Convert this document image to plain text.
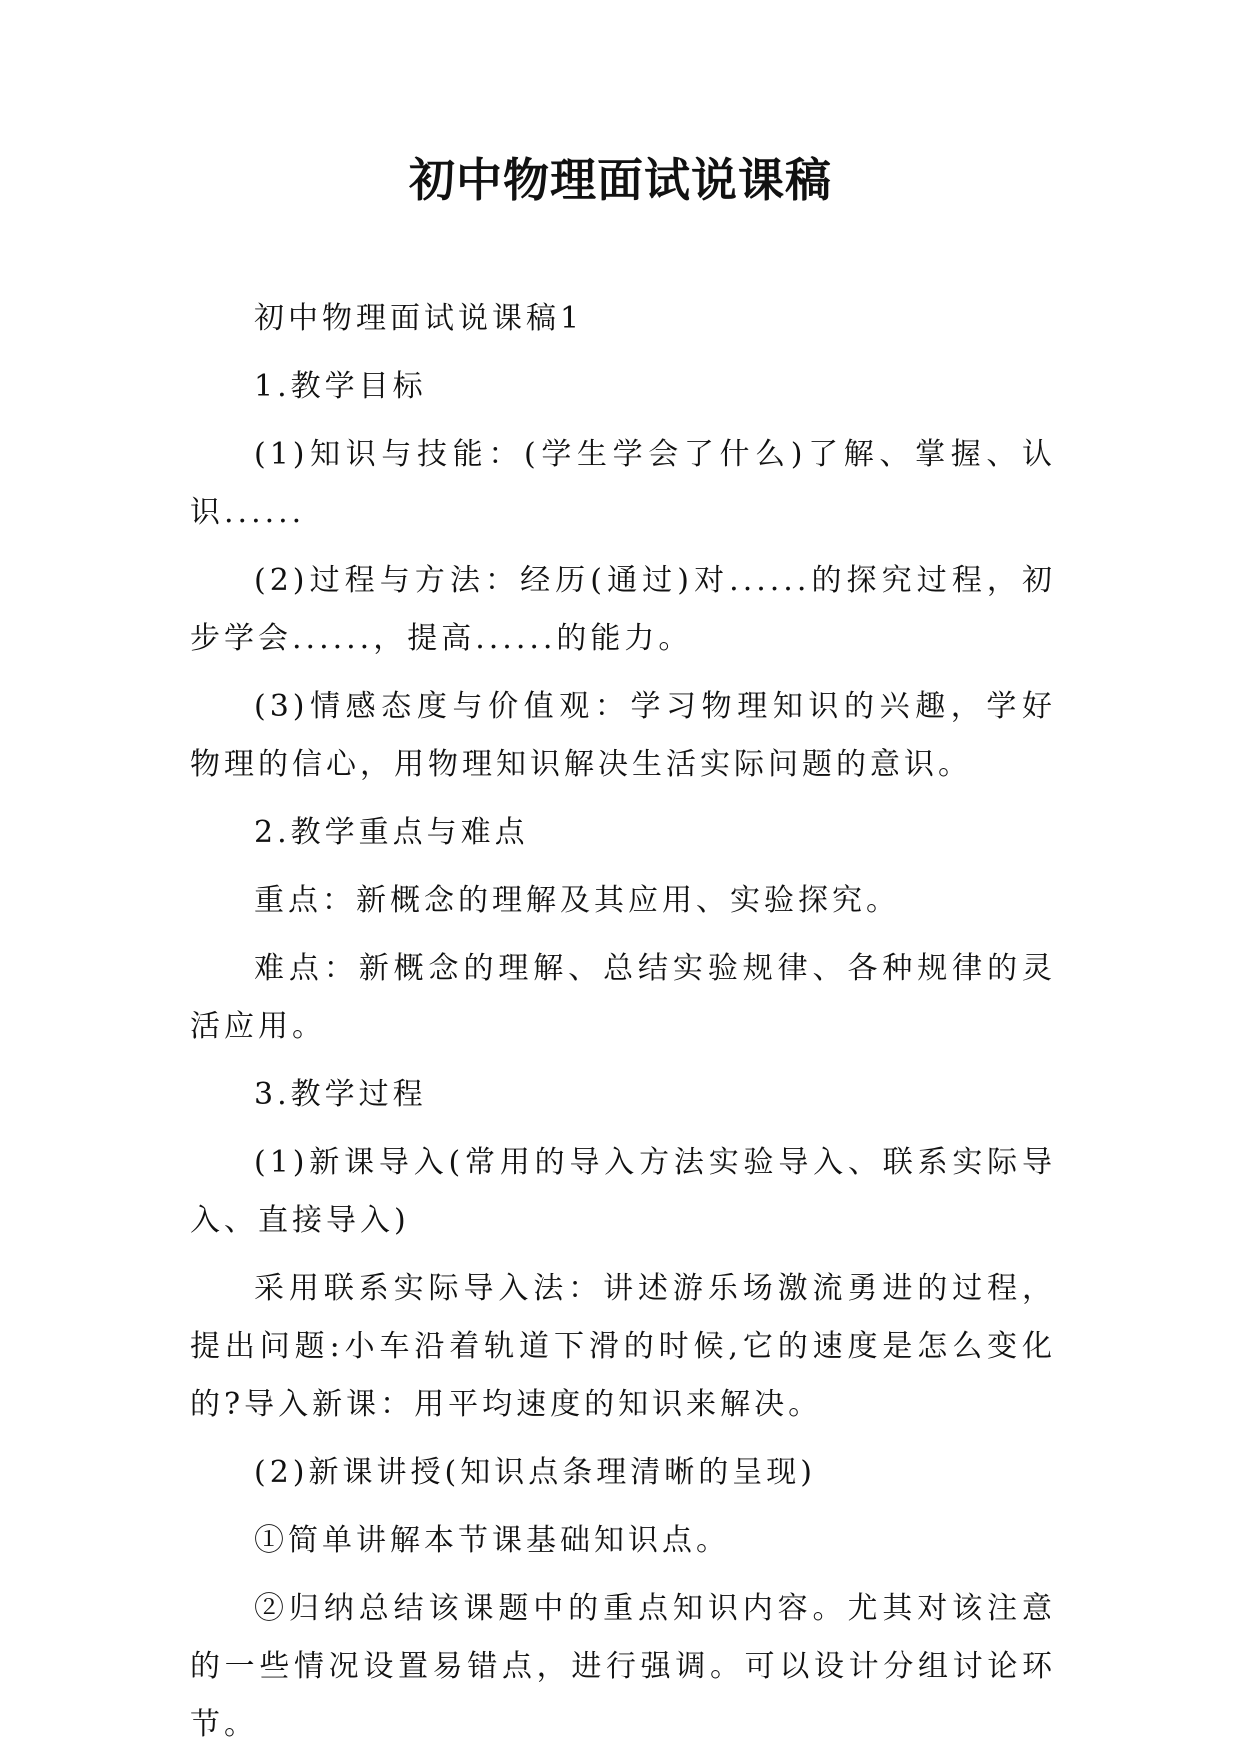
初中物理面试说课稿

初中物理面试说课稿1

1.教学目标

(1)知识与技能：(学生学会了什么)了解、掌握、认识......

(2)过程与方法：经历(通过)对......的探究过程，初步学会......，提高......的能力。

(3)情感态度与价值观：学习物理知识的兴趣，学好物理的信心，用物理知识解决生活实际问题的意识。

2.教学重点与难点

重点：新概念的理解及其应用、实验探究。

难点：新概念的理解、总结实验规律、各种规律的灵活应用。

3.教学过程

(1)新课导入(常用的导入方法实验导入、联系实际导入、直接导入)

采用联系实际导入法：讲述游乐场激流勇进的过程，提出问题:小车沿着轨道下滑的时候,它的速度是怎么变化的?导入新课：用平均速度的知识来解决。

(2)新课讲授(知识点条理清晰的呈现)

①简单讲解本节课基础知识点。

②归纳总结该课题中的重点知识内容。尤其对该注意的一些情况设置易错点，进行强调。可以设计分组讨论环节。
